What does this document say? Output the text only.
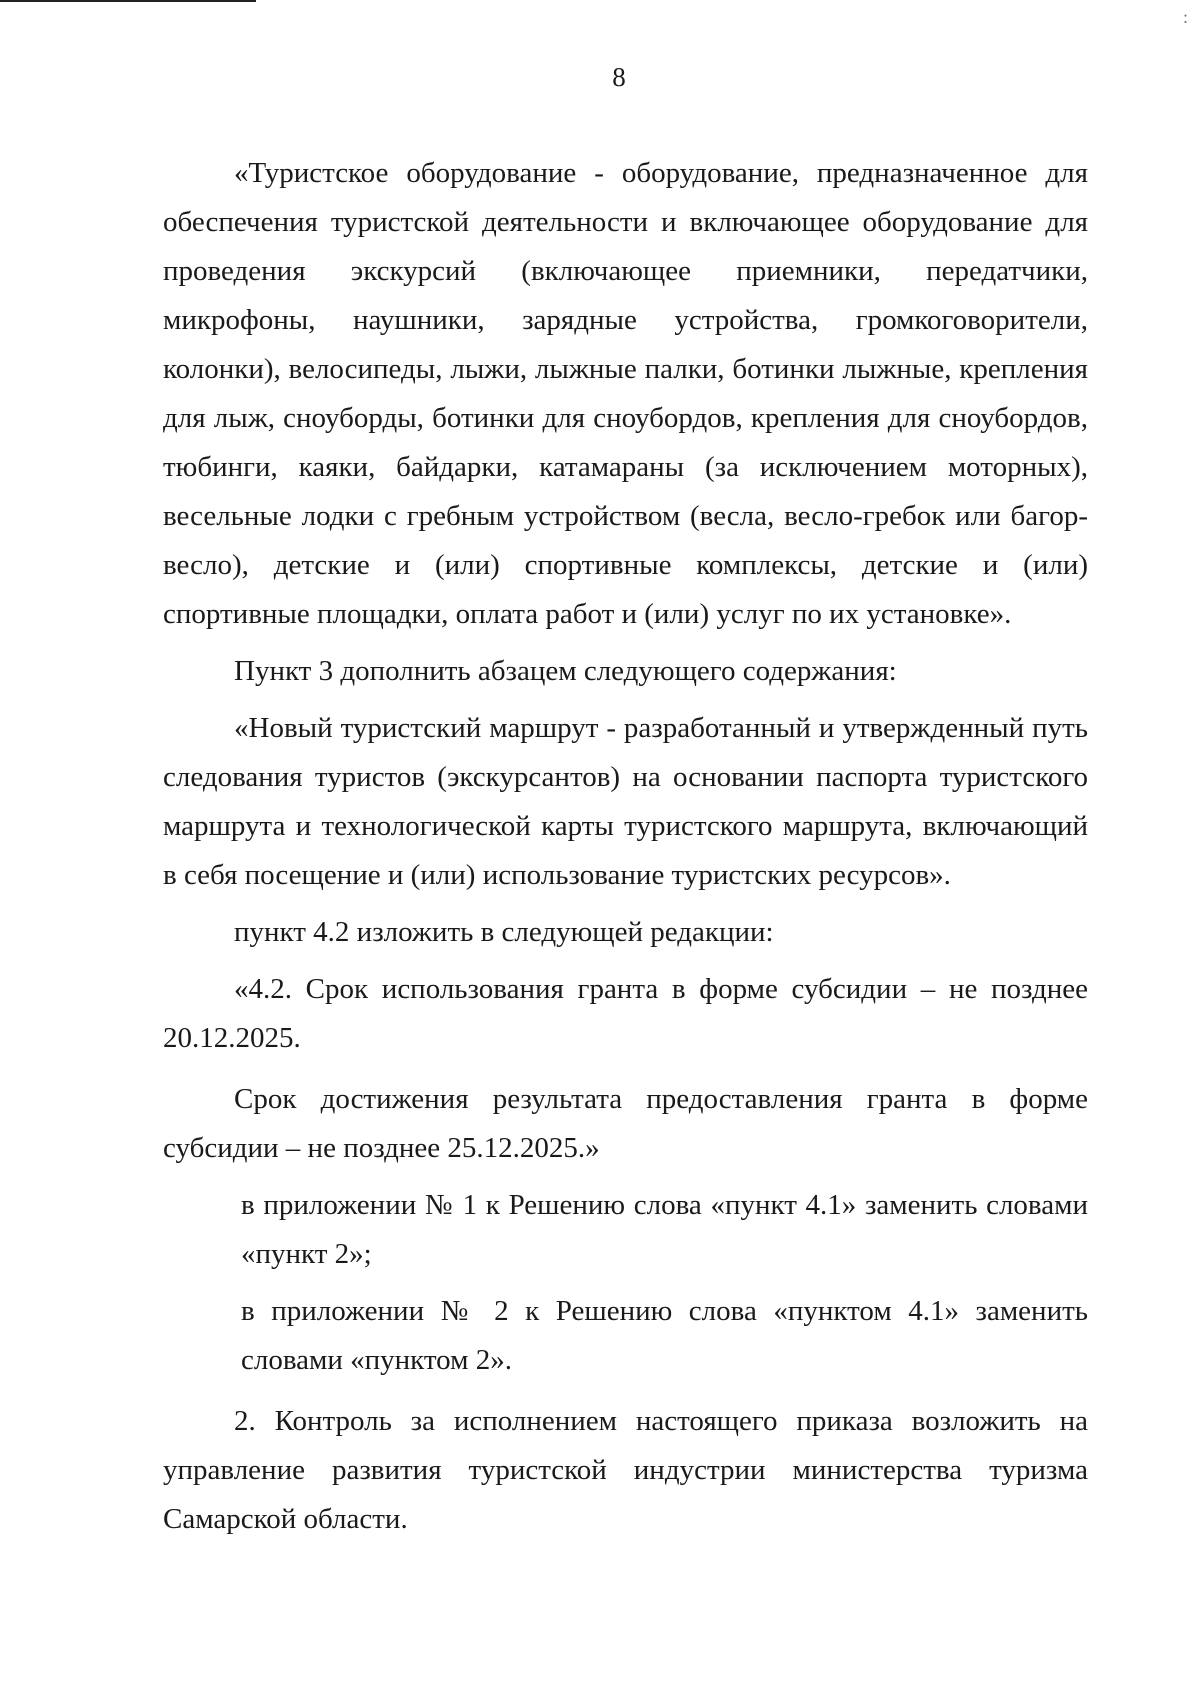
:
8

«Туристское оборудование - оборудование, предназначенное для обеспечения туристской деятельности и включающее оборудование для проведения экскурсий (включающее приемники, передатчики, микрофоны, наушники, зарядные устройства, громкоговорители, колонки), велосипеды, лыжи, лыжные палки, ботинки лыжные, крепления для лыж, сноуборды, ботинки для сноубордов, крепления для сноубордов, тюбинги, каяки, байдарки, катамараны (за исключением моторных), весельные лодки с гребным устройством (весла, весло-гребок или багор-весло), детские и (или) спортивные комплексы, детские и (или) спортивные площадки, оплата работ и (или) услуг по их установке».

Пункт 3 дополнить абзацем следующего содержания:

«Новый туристский маршрут - разработанный и утвержденный путь следования туристов (экскурсантов) на основании паспорта туристского маршрута и технологической карты туристского маршрута, включающий в себя посещение и (или) использование туристских ресурсов».

пункт 4.2 изложить в следующей редакции:

«4.2. Срок использования гранта в форме субсидии – не позднее 20.12.2025.

Срок достижения результата предоставления гранта в форме субсидии – не позднее 25.12.2025.»

в приложении № 1 к Решению слова «пункт 4.1» заменить словами «пункт 2»;

в приложении № 2 к Решению слова «пунктом 4.1» заменить словами «пунктом 2».

2. Контроль за исполнением настоящего приказа возложить на управление развития туристской индустрии министерства туризма Самарской области.
